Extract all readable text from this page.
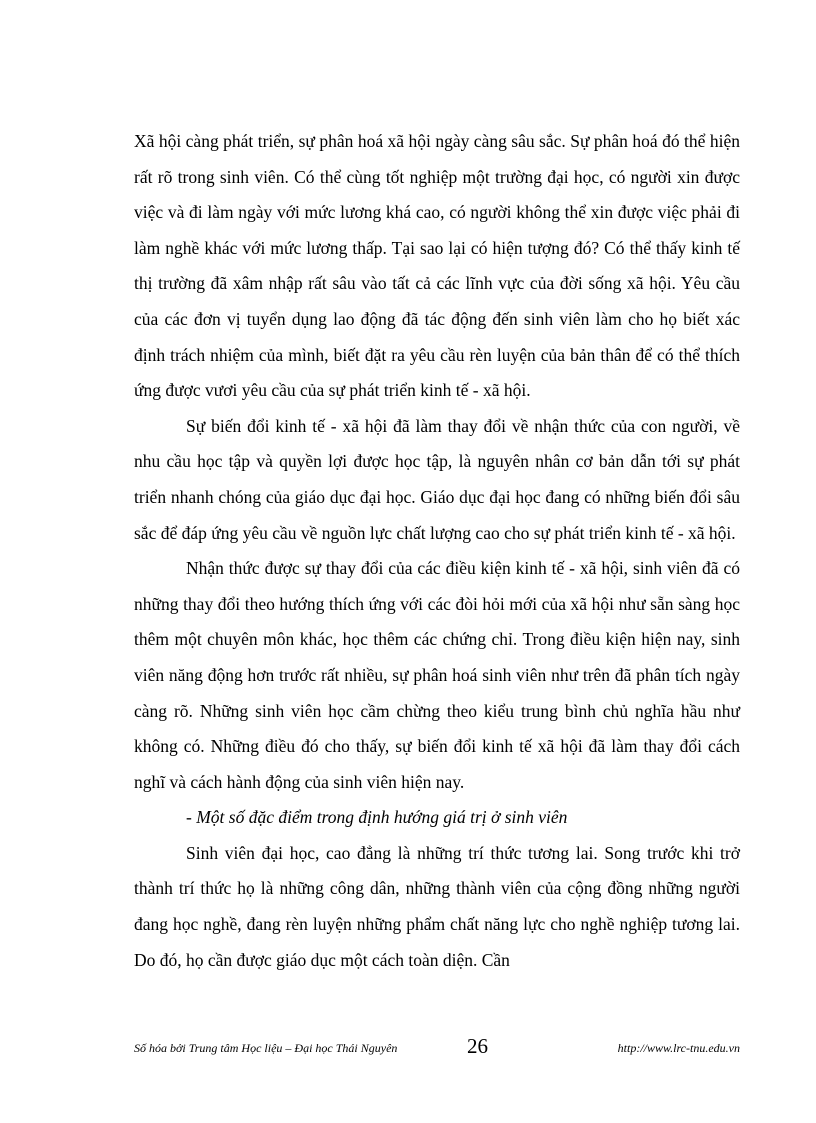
Xã hội càng phát triển, sự phân hoá xã hội ngày càng sâu sắc. Sự phân hoá đó thể hiện rất rõ trong sinh viên. Có thể cùng tốt nghiệp một trường đại học, có người xin được việc và đi làm ngày với mức lương khá cao, có người không thể xin được việc phải đi làm nghề khác với mức lương thấp. Tại sao lại có hiện tượng đó? Có thể thấy kinh tế thị trường đã xâm nhập rất sâu vào tất cả các lĩnh vực của đời sống xã hội. Yêu cầu của các đơn vị tuyển dụng lao động đã tác động đến sinh viên làm cho họ biết xác định trách nhiệm của mình, biết đặt ra yêu cầu rèn luyện của bản thân để có thể thích ứng được vươi yêu cầu của sự phát triển kinh tế - xã hội.

Sự biến đổi kinh tế - xã hội đã làm thay đổi về nhận thức của con người, về nhu cầu học tập và quyền lợi được học tập, là nguyên nhân cơ bản dẫn tới sự phát triển nhanh chóng của giáo dục đại học. Giáo dục đại học đang có những biến đổi sâu sắc để đáp ứng yêu cầu về nguồn lực chất lượng cao cho sự phát triển kinh tế - xã hội.

Nhận thức được sự thay đổi của các điều kiện kinh tế - xã hội, sinh viên đã có những thay đổi theo hướng thích ứng với các đòi hỏi mới của xã hội như sẵn sàng học thêm một chuyên môn khác, học thêm các chứng chỉ. Trong điều kiện hiện nay, sinh viên năng động hơn trước rất nhiều, sự phân hoá sinh viên như trên đã phân tích ngày càng rõ. Những sinh viên học cầm chừng theo kiểu trung bình chủ nghĩa hầu như không có. Những điều đó cho thấy, sự biến đổi kinh tế xã hội đã làm thay đổi cách nghĩ và cách hành động của sinh viên hiện nay.

- Một số đặc điểm trong định hướng giá trị ở sinh viên

Sinh viên đại học, cao đẳng là những trí thức tương lai. Song trước khi trở thành trí thức họ là những công dân, những thành viên của cộng đồng những người đang học nghề, đang rèn luyện những phẩm chất năng lực cho nghề nghiệp tương lai. Do đó, họ cần được giáo dục một cách toàn diện. Cần

Số hóa bởi Trung tâm Học liệu – Đại học Thái Nguyên	26	http://www.lrc-tnu.edu.vn
